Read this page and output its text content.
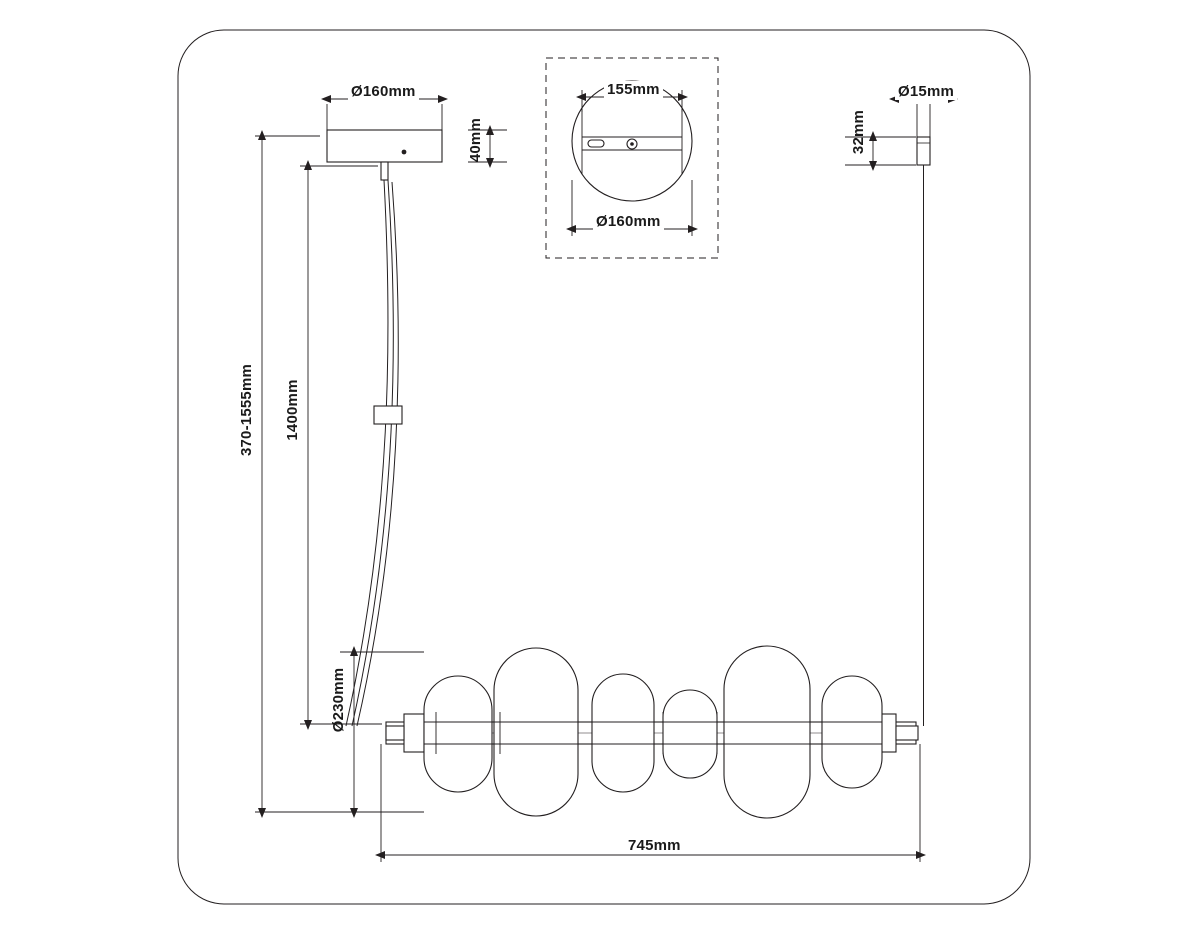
Ø160mm
40mm
370-1555mm 1400mm
Ø230mm
745mm
155mm
Ø160mm
Ø15mm
32mm
